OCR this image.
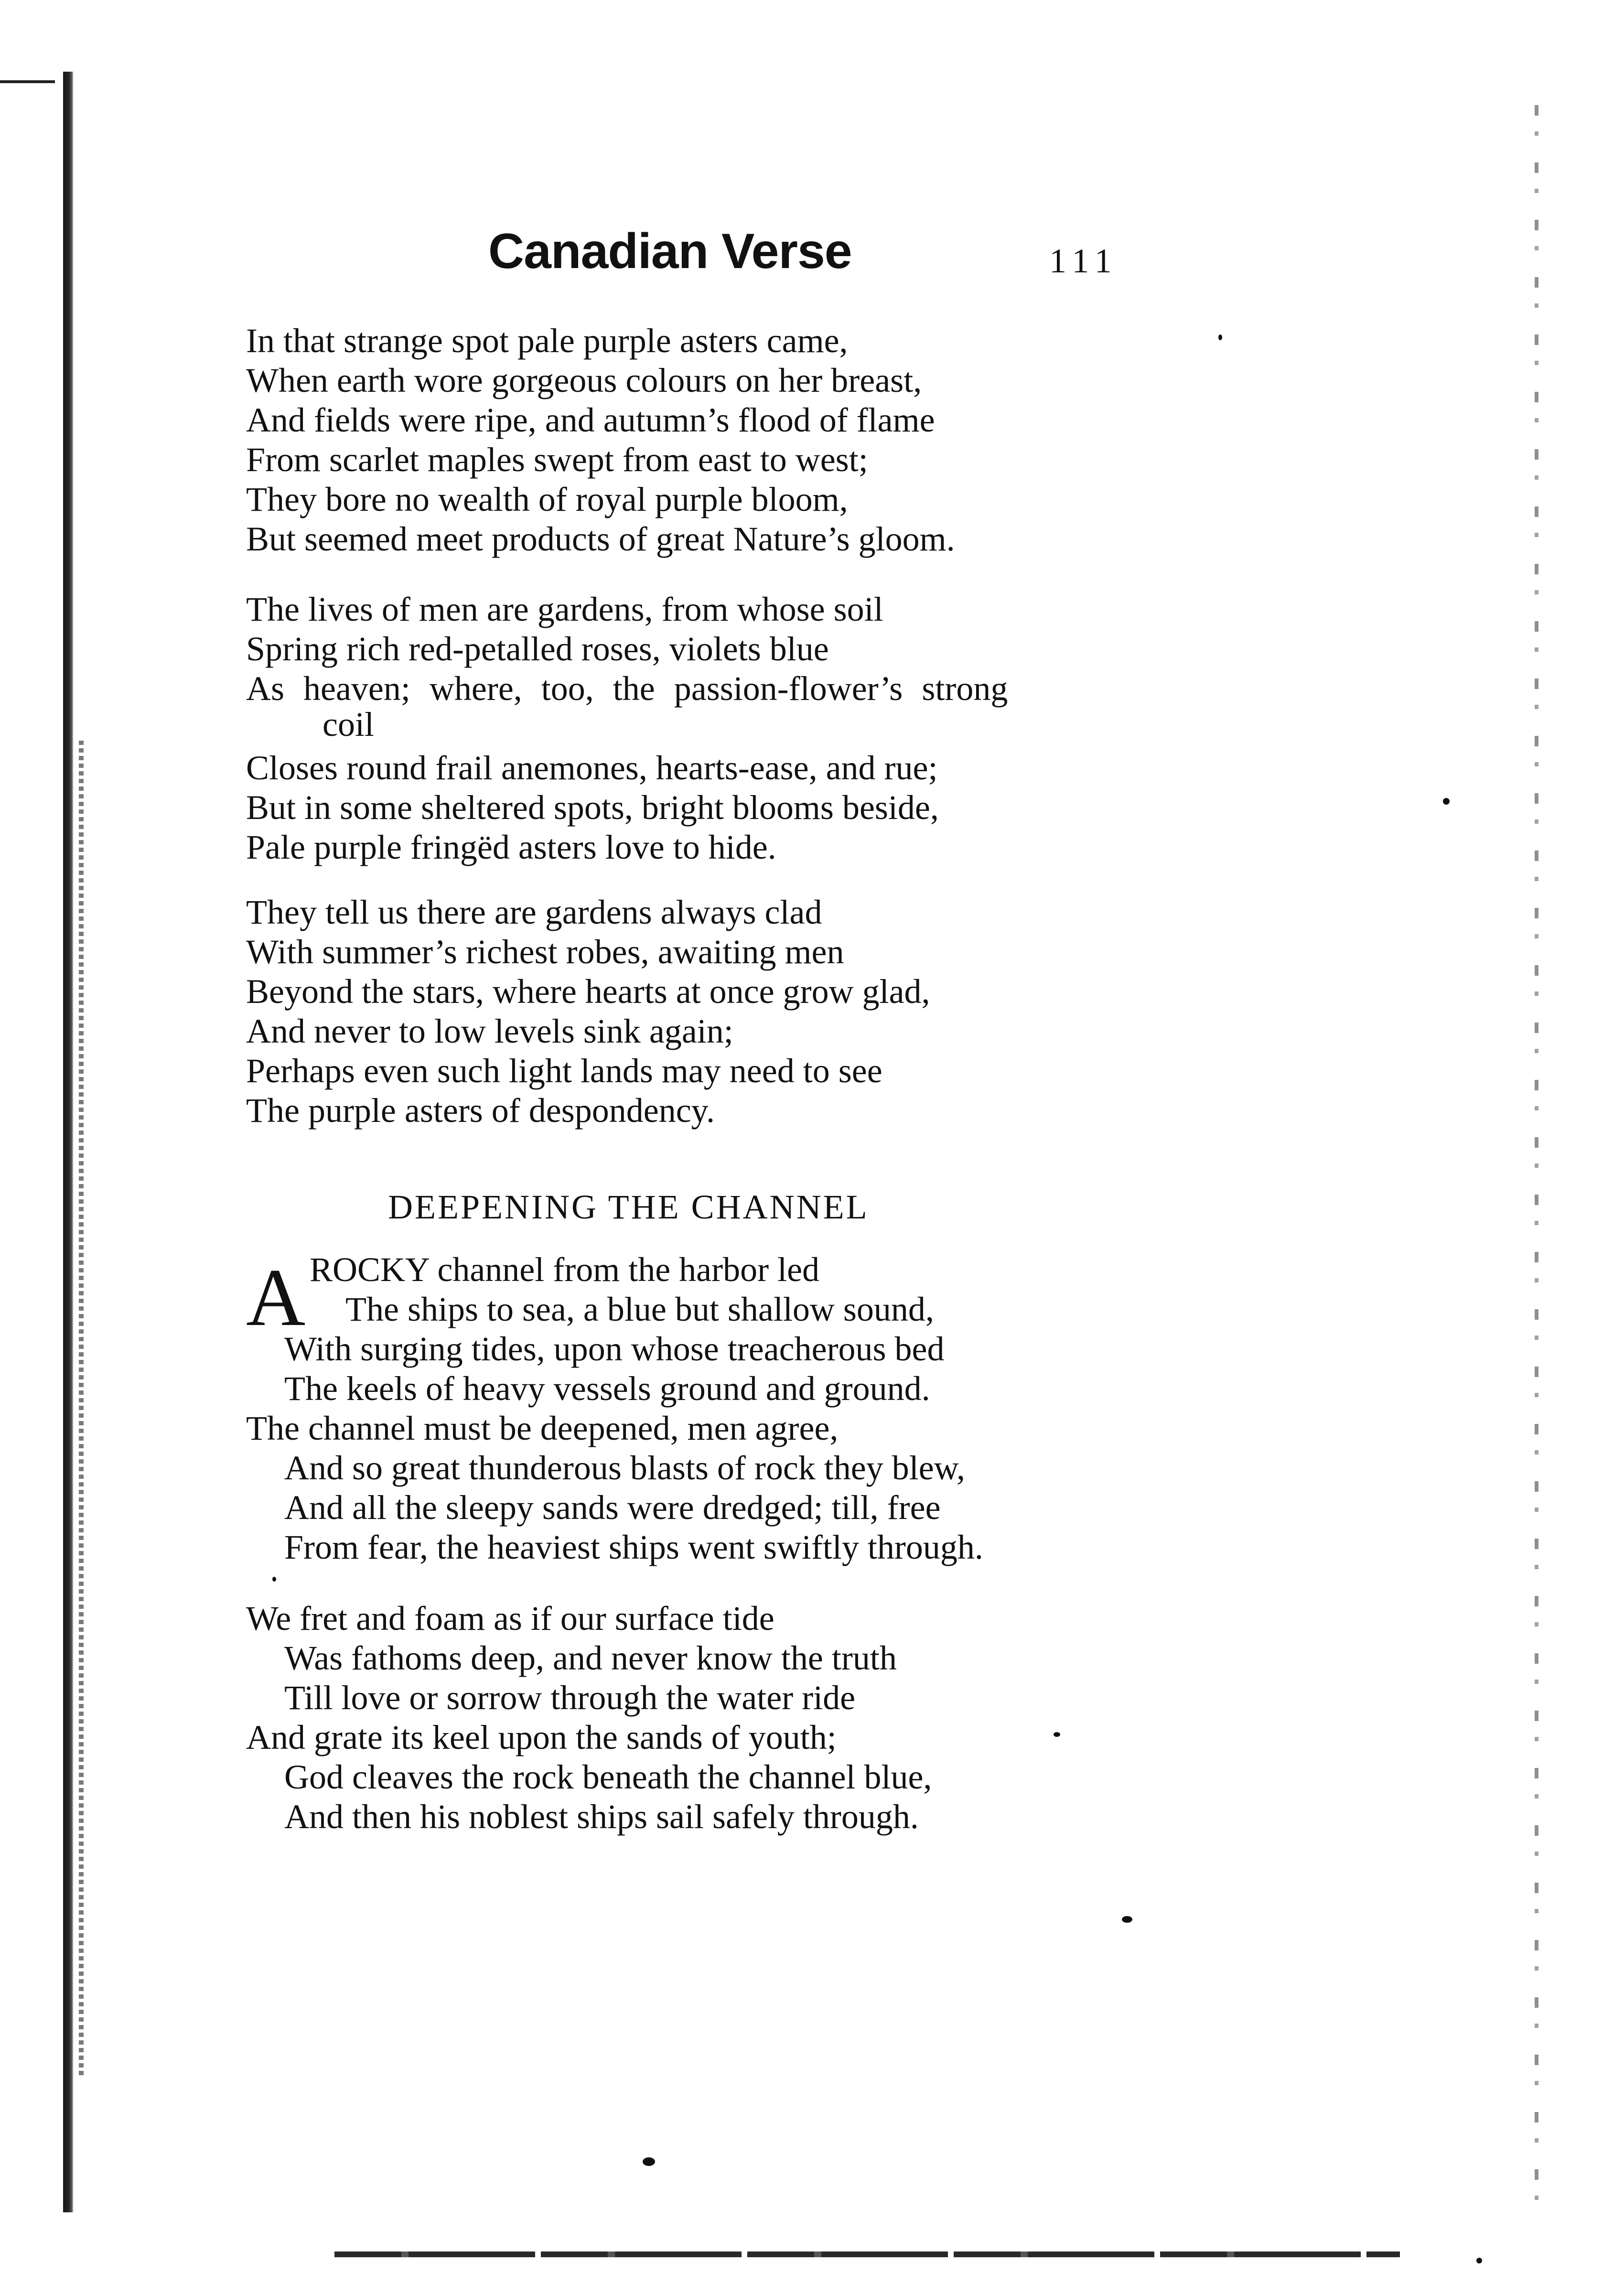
Canadian Verse	111
In that strange spot pale purple asters came,
When earth wore gorgeous colours on her breast,
And fields were ripe, and autumn’s flood of flame
From scarlet maples swept from east to west;
They bore no wealth of royal purple bloom,
But seemed meet products of great Nature’s gloom.
The lives of men are gardens, from whose soil
Spring rich red-petalled roses, violets blue
As heaven; where, too, the passion-flower’s strong
coil
Closes round frail anemones, hearts-ease, and rue;
But in some sheltered spots, bright blooms beside,
Pale purple fringëd asters love to hide.
They tell us there are gardens always clad
With summer’s richest robes, awaiting men
Beyond the stars, where hearts at once grow glad,
And never to low levels sink again;
Perhaps even such light lands may need to see
The purple asters of despondency.
DEEPENING THE CHANNEL
A ROCKY channel from the harbor led
The ships to sea, a blue but shallow sound,
With surging tides, upon whose treacherous bed
The keels of heavy vessels ground and ground.
The channel must be deepened, men agree,
And so great thunderous blasts of rock they blew,
And all the sleepy sands were dredged; till, free
From fear, the heaviest ships went swiftly through.
We fret and foam as if our surface tide
Was fathoms deep, and never know the truth
Till love or sorrow through the water ride
And grate its keel upon the sands of youth;
God cleaves the rock beneath the channel blue,
And then his noblest ships sail safely through.
